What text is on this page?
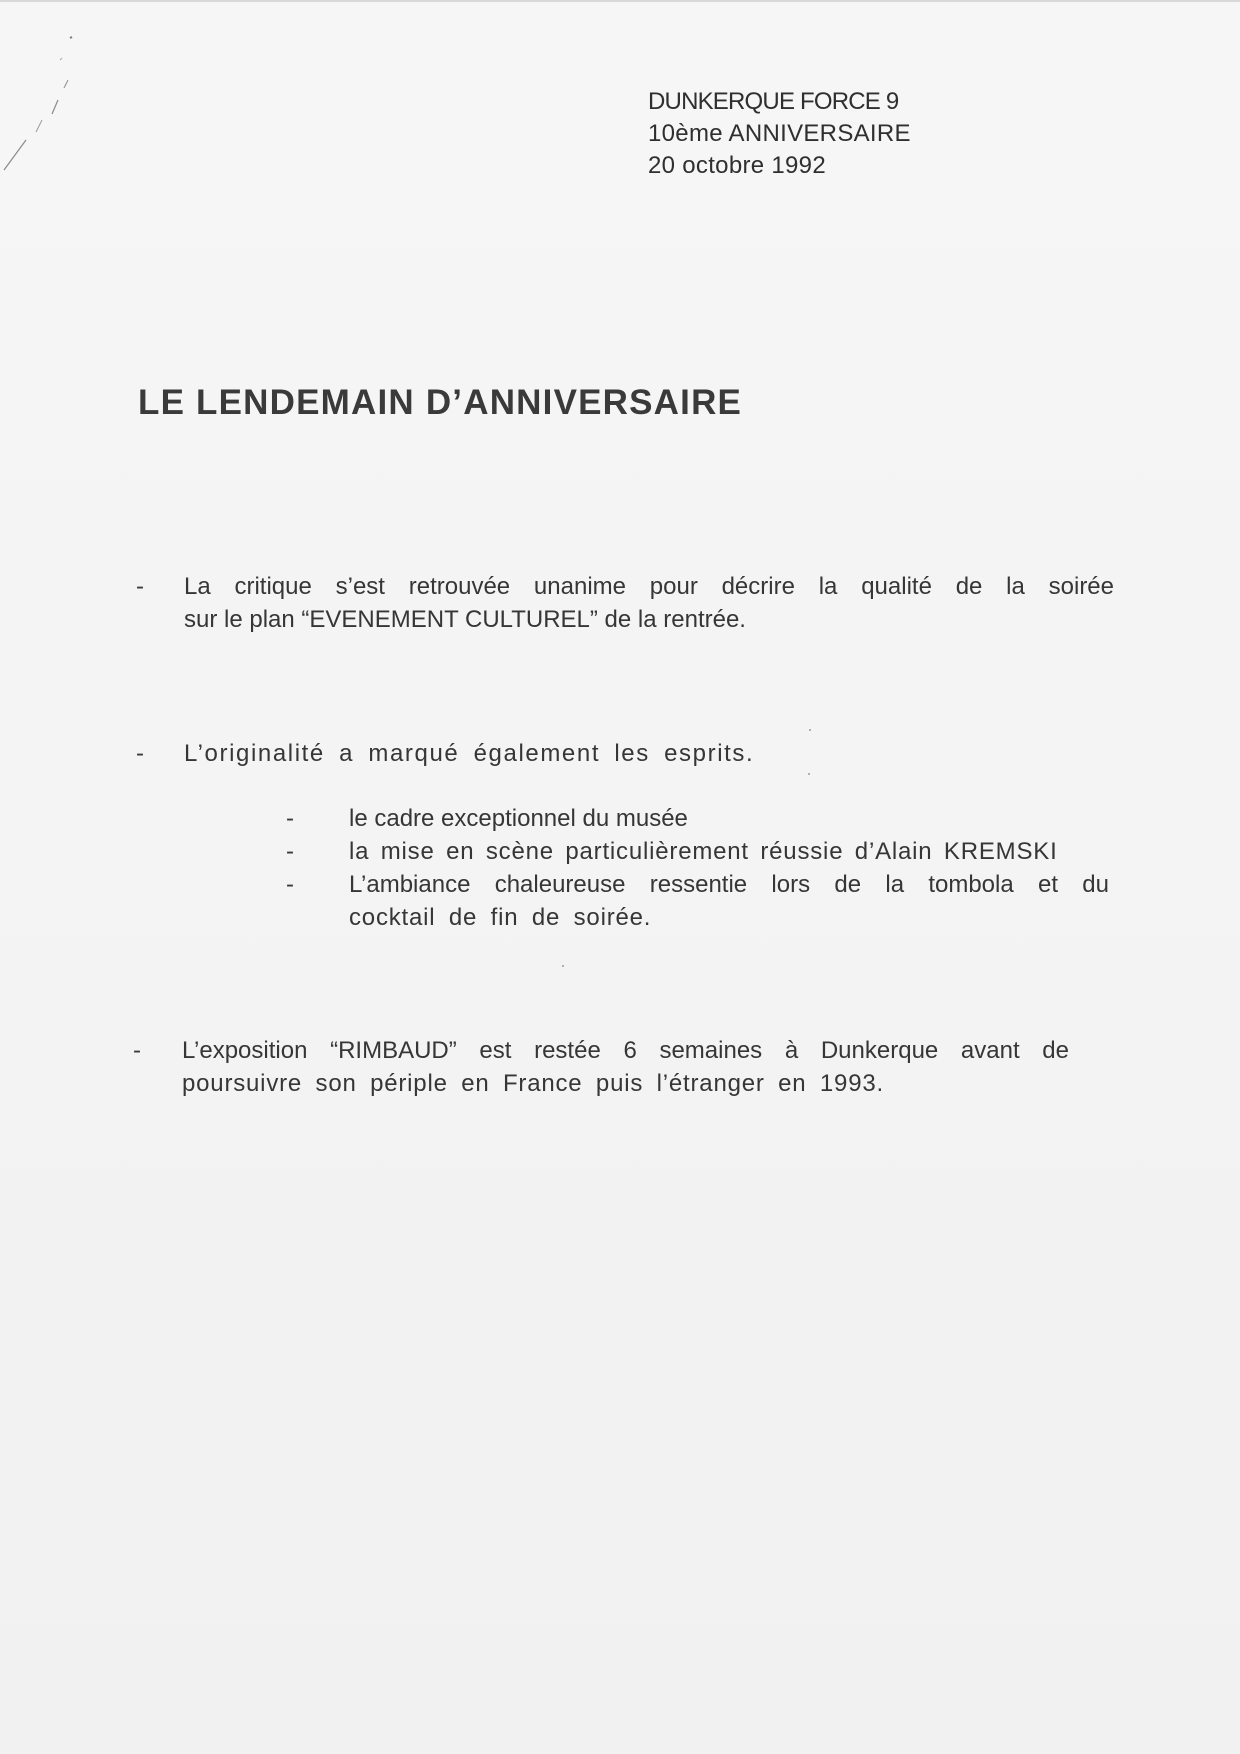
DUNKERQUE FORCE 9
10ème ANNIVERSAIRE
20 octobre 1992
LE LENDEMAIN D’ANNIVERSAIRE
- La critique s’est retrouvée unanime pour décrire la qualité de la soirée
sur le plan “EVENEMENT CULTUREL” de la rentrée.
- L’originalité a marqué également les esprits.
- le cadre exceptionnel du musée
- la mise en scène particulièrement réussie d’Alain KREMSKI
- L’ambiance chaleureuse ressentie lors de la tombola et du
cocktail de fin de soirée.
- L’exposition “RIMBAUD” est restée 6 semaines à Dunkerque avant de
poursuivre son périple en France puis l’étranger en 1993.
